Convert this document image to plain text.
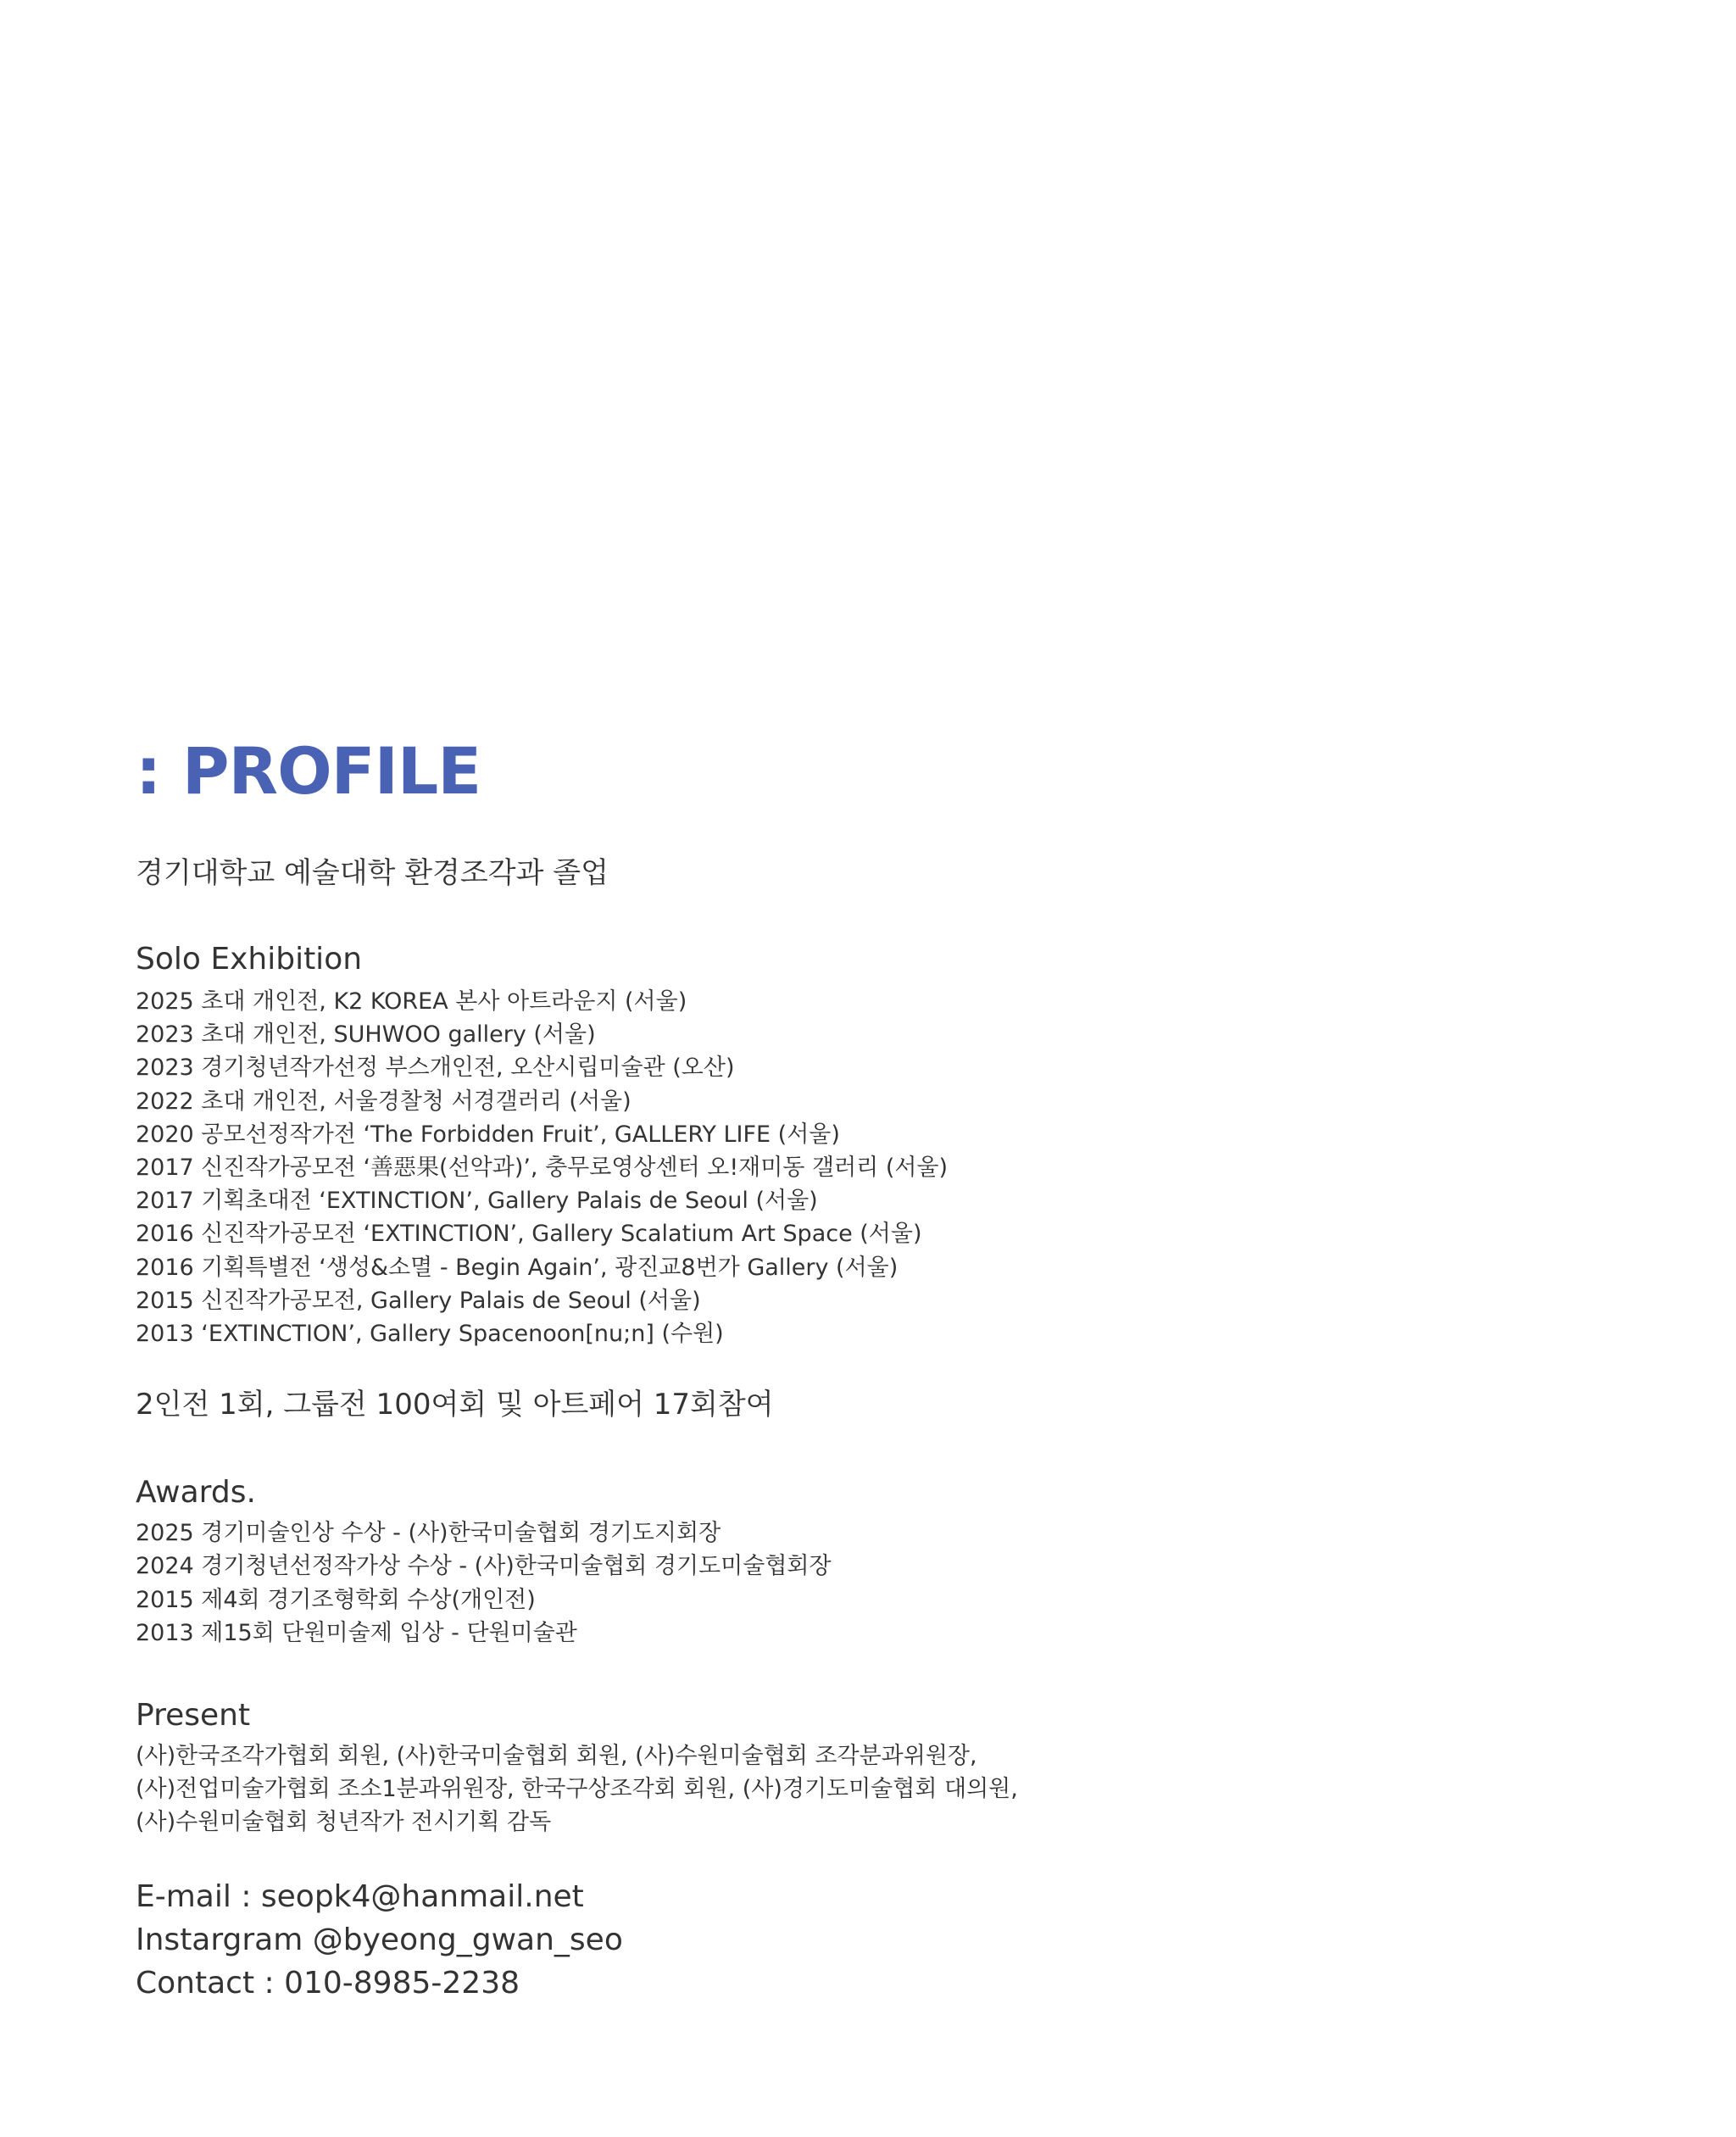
: PROFILE
경기대학교 예술대학 환경조각과 졸업
Solo Exhibition
2025 초대 개인전, K2 KOREA 본사 아트라운지 (서울)
2023 초대 개인전, SUHWOO gallery (서울)
2023 경기청년작가선정 부스개인전, 오산시립미술관 (오산)
2022 초대 개인전, 서울경찰청 서경갤러리 (서울)
2020 공모선정작가전 ‘The Forbidden Fruit’, GALLERY LIFE (서울)
2017 신진작가공모전 ‘善惡果(선악과)’, 충무로영상센터 오!재미동 갤러리 (서울)
2017 기획초대전 ‘EXTINCTION’, Gallery Palais de Seoul (서울)
2016 신진작가공모전 ‘EXTINCTION’, Gallery Scalatium Art Space (서울)
2016 기획특별전 ‘생성&소멸 - Begin Again’, 광진교8번가 Gallery (서울)
2015 신진작가공모전, Gallery Palais de Seoul (서울)
2013 ‘EXTINCTION’, Gallery Spacenoon[nu;n] (수원)
2인전 1회, 그룹전 100여회 및 아트페어 17회참여
Awards.
2025 경기미술인상 수상 - (사)한국미술협회 경기도지회장
2024 경기청년선정작가상 수상 - (사)한국미술협회 경기도미술협회장
2015 제4회 경기조형학회 수상(개인전)
2013 제15회 단원미술제 입상 - 단원미술관
Present
(사)한국조각가협회 회원, (사)한국미술협회 회원, (사)수원미술협회 조각분과위원장,
(사)전업미술가협회 조소1분과위원장, 한국구상조각회 회원, (사)경기도미술협회 대의원,
(사)수원미술협회 청년작가 전시기획 감독
E-mail : seopk4@hanmail.net
Instargram @byeong_gwan_seo
Contact : 010-8985-2238
